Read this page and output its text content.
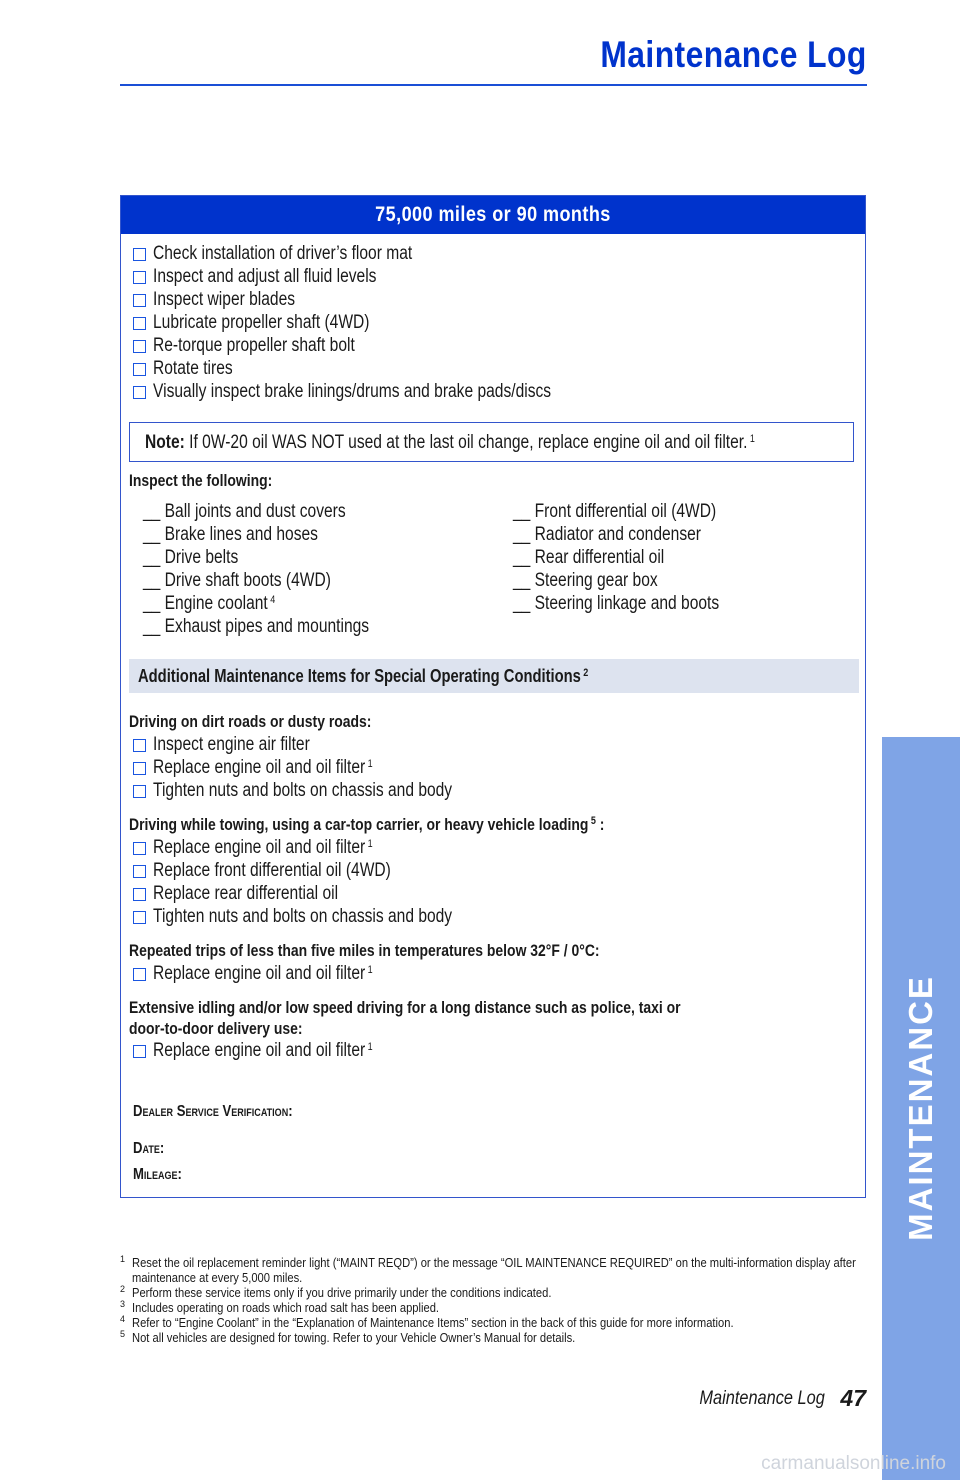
Maintenance Log
75,000 miles or 90 months
Check installation of driver’s floor mat
Inspect and adjust all fluid levels
Inspect wiper blades
Lubricate propeller shaft (4WD)
Re-torque propeller shaft bolt
Rotate tires
Visually inspect brake linings/drums and brake pads/discs
Note: If 0W-20 oil WAS NOT used at the last oil change, replace engine oil and oil filter. $^1$
Inspect the following:
__ Ball joints and dust covers
__ Brake lines and hoses
__ Drive belts
__ Drive shaft boots (4WD)
__ Engine coolant $^4$
__ Exhaust pipes and mountings
__ Front differential oil (4WD)
__ Radiator and condenser
__ Rear differential oil
__ Steering gear box
__ Steering linkage and boots
Additional Maintenance Items for Special Operating Conditions $^2$
Driving on dirt roads or dusty roads:
Inspect engine air filter
Replace engine oil and oil filter $^1$
Tighten nuts and bolts on chassis and body
Driving while towing, using a car-top carrier, or heavy vehicle loading $^5$ :
Replace engine oil and oil filter $^1$
Replace front differential oil (4WD)
Replace rear differential oil
Tighten nuts and bolts on chassis and body
Repeated trips of less than five miles in temperatures below 32°F / 0°C:
Replace engine oil and oil filter $^1$
Extensive idling and/or low speed driving for a long distance such as police, taxi or
door-to-door delivery use:
Replace engine oil and oil filter $^1$
Dealer Service Verification:
Date:
Mileage:
1 Reset the oil replacement reminder light (“MAINT REQD”) or the message “OIL MAINTENANCE REQUIRED” on the multi-information display after maintenance at every 5,000 miles.
2 Perform these service items only if you drive primarily under the conditions indicated.
3 Includes operating on roads which road salt has been applied.
4 Refer to “Engine Coolant” in the “Explanation of Maintenance Items” section in the back of this guide for more information.
5 Not all vehicles are designed for towing. Refer to your Vehicle Owner’s Manual for details.
Maintenance Log 47
MAINTENANCE
carmanualsonline.info
